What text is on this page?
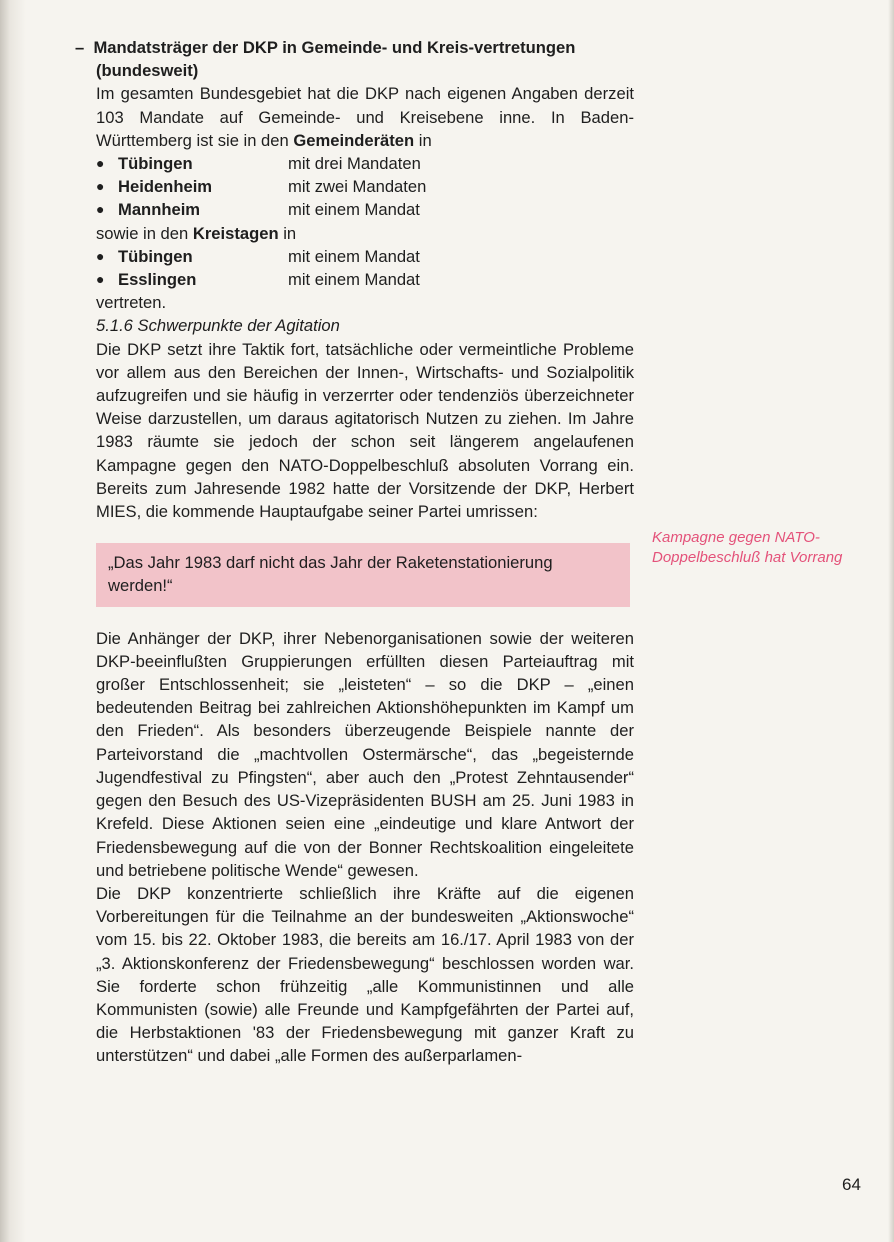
– Mandatsträger der DKP in Gemeinde- und Kreis-vertretungen (bundesweit)

Im gesamten Bundesgebiet hat die DKP nach eigenen Angaben derzeit 103 Mandate auf Gemeinde- und Kreisebene inne. In Baden-Württemberg ist sie in den Gemeinderäten in

● Tübingen	mit drei Mandaten
● Heidenheim	mit zwei Mandaten
● Mannheim	mit einem Mandat

sowie in den Kreistagen in

● Tübingen	mit einem Mandat
● Esslingen	mit einem Mandat

vertreten.

5.1.6 Schwerpunkte der Agitation

Die DKP setzt ihre Taktik fort, tatsächliche oder vermeintliche Probleme vor allem aus den Bereichen der Innen-, Wirtschafts- und Sozialpolitik aufzugreifen und sie häufig in verzerrter oder tendenziös überzeichneter Weise darzustellen, um daraus agitatorisch Nutzen zu ziehen. Im Jahre 1983 räumte sie jedoch der schon seit längerem angelaufenen Kampagne gegen den NATO-Doppelbeschluß absoluten Vorrang ein. Bereits zum Jahresende 1982 hatte der Vorsitzende der DKP, Herbert MIES, die kommende Hauptaufgabe seiner Partei umrissen:

„Das Jahr 1983 darf nicht das Jahr der Raketenstationierung werden!“

Die Anhänger der DKP, ihrer Nebenorganisationen sowie der weiteren DKP-beeinflußten Gruppierungen erfüllten diesen Parteiauftrag mit großer Entschlossenheit; sie „leisteten“ – so die DKP – „einen bedeutenden Beitrag bei zahlreichen Aktionshöhepunkten im Kampf um den Frieden“. Als besonders überzeugende Beispiele nannte der Parteivorstand die „machtvollen Ostermärsche“, das „begeisternde Jugendfestival zu Pfingsten“, aber auch den „Protest Zehntausender“ gegen den Besuch des US-Vizepräsidenten BUSH am 25. Juni 1983 in Krefeld. Diese Aktionen seien eine „eindeutige und klare Antwort der Friedensbewegung auf die von der Bonner Rechtskoalition eingeleitete und betriebene politische Wende“ gewesen.

Die DKP konzentrierte schließlich ihre Kräfte auf die eigenen Vorbereitungen für die Teilnahme an der bundesweiten „Aktionswoche“ vom 15. bis 22. Oktober 1983, die bereits am 16./17. April 1983 von der „3. Aktionskonferenz der Friedensbewegung“ beschlossen worden war. Sie forderte schon frühzeitig „alle Kommunistinnen und alle Kommunisten (sowie) alle Freunde und Kampfgefährten der Partei auf, die Herbstaktionen '83 der Friedensbewegung mit ganzer Kraft zu unterstützen“ und dabei „alle Formen des außerparlamen-

Kampagne gegen NATO-Doppelbeschluß hat Vorrang
64
